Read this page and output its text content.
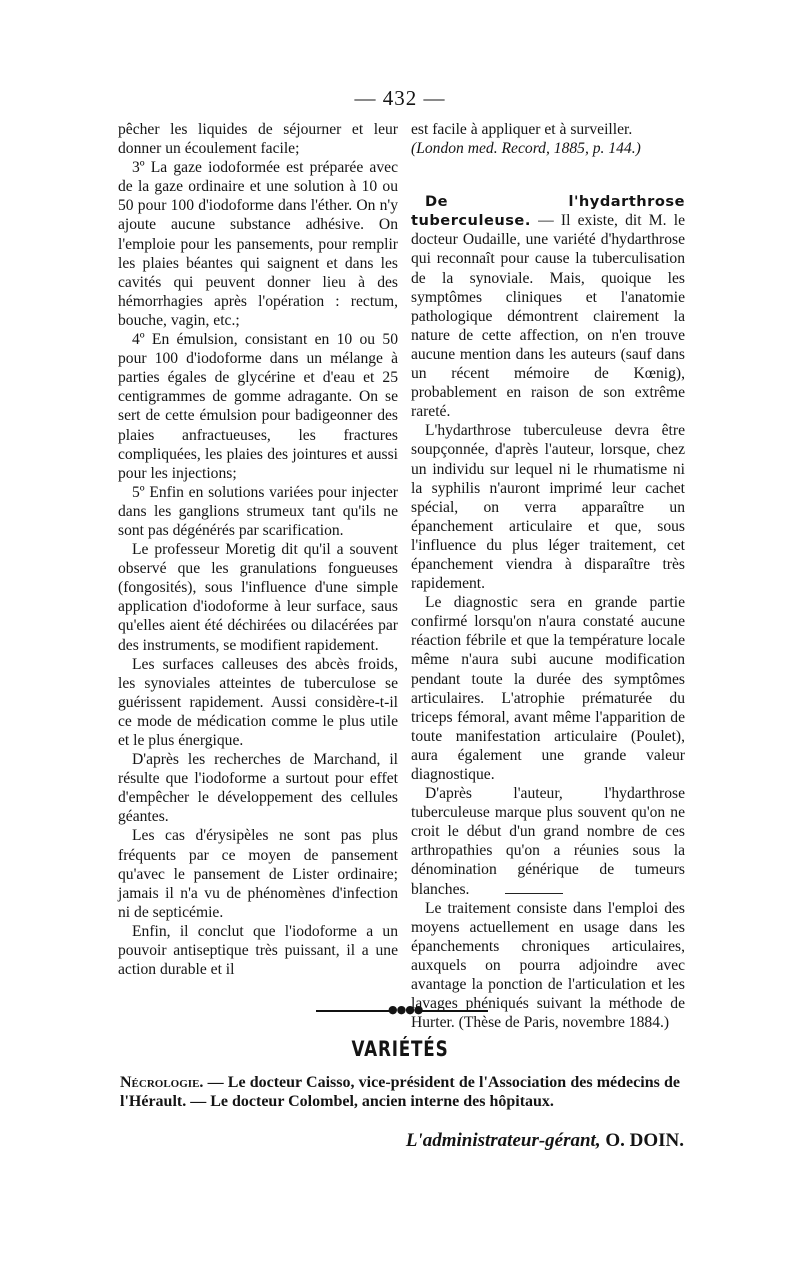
— 432 —

pêcher les liquides de séjourner et leur donner un écoulement facile;

3º La gaze iodoformée est préparée avec de la gaze ordinaire et une solution à 10 ou 50 pour 100 d'iodoforme dans l'éther. On n'y ajoute aucune substance adhésive. On l'emploie pour les pansements, pour remplir les plaies béantes qui saignent et dans les cavités qui peuvent donner lieu à des hémorrhagies après l'opération : rectum, bouche, vagin, etc.;

4º En émulsion, consistant en 10 ou 50 pour 100 d'iodoforme dans un mélange à parties égales de glycérine et d'eau et 25 centigrammes de gomme adragante. On se sert de cette émulsion pour badigeonner des plaies anfractueuses, les fractures compliquées, les plaies des jointures et aussi pour les injections;

5º Enfin en solutions variées pour injecter dans les ganglions strumeux tant qu'ils ne sont pas dégénérés par scarification.

Le professeur Moretig dit qu'il a souvent observé que les granulations fongueuses (fongosités), sous l'influence d'une simple application d'iodoforme à leur surface, saus qu'elles aient été déchirées ou dilacérées par des instruments, se modifient rapidement.

Les surfaces calleuses des abcès froids, les synoviales atteintes de tuberculose se guérissent rapidement. Aussi considère-t-il ce mode de médication comme le plus utile et le plus énergique.

D'après les recherches de Marchand, il résulte que l'iodoforme a surtout pour effet d'empêcher le développement des cellules géantes.

Les cas d'érysipèles ne sont pas plus fréquents par ce moyen de pansement qu'avec le pansement de Lister ordinaire; jamais il n'a vu de phénomènes d'infection ni de septicémie.

Enfin, il conclut que l'iodoforme a un pouvoir antiseptique très puissant, il a une action durable et il

est facile à appliquer et à surveiller.

(London med. Record, 1885, p. 144.)

De l'hydarthrose tuberculeuse. — Il existe, dit M. le docteur Oudaille, une variété d'hydarthrose qui reconnaît pour cause la tuberculisation de la synoviale. Mais, quoique les symptômes cliniques et l'anatomie pathologique démontrent clairement la nature de cette affection, on n'en trouve aucune mention dans les auteurs (sauf dans un récent mémoire de Kœnig), probablement en raison de son extrême rareté.

L'hydarthrose tuberculeuse devra être soupçonnée, d'après l'auteur, lorsque, chez un individu sur lequel ni le rhumatisme ni la syphilis n'auront imprimé leur cachet spécial, on verra apparaître un épanchement articulaire et que, sous l'influence du plus léger traitement, cet épanchement viendra à disparaître très rapidement.

Le diagnostic sera en grande partie confirmé lorsqu'on n'aura constaté aucune réaction fébrile et que la température locale même n'aura subi aucune modification pendant toute la durée des symptômes articulaires. L'atrophie prématurée du triceps fémoral, avant même l'apparition de toute manifestation articulaire (Poulet), aura également une grande valeur diagnostique.

D'après l'auteur, l'hydarthrose tuberculeuse marque plus souvent qu'on ne croit le début d'un grand nombre de ces arthropathies qu'on a réunies sous la dénomination générique de tumeurs blanches.

Le traitement consiste dans l'emploi des moyens actuellement en usage dans les épanchements chroniques articulaires, auxquels on pourra adjoindre avec avantage la ponction de l'articulation et les lavages phéniqués suivant la méthode de Hurter. (Thèse de Paris, novembre 1884.)

●●●●
VARIÉTÉS
Nécrologie. — Le docteur Caisso, vice-président de l'Association des médecins de l'Hérault. — Le docteur Colombel, ancien interne des hôpitaux.
L'administrateur-gérant, O. DOIN.
